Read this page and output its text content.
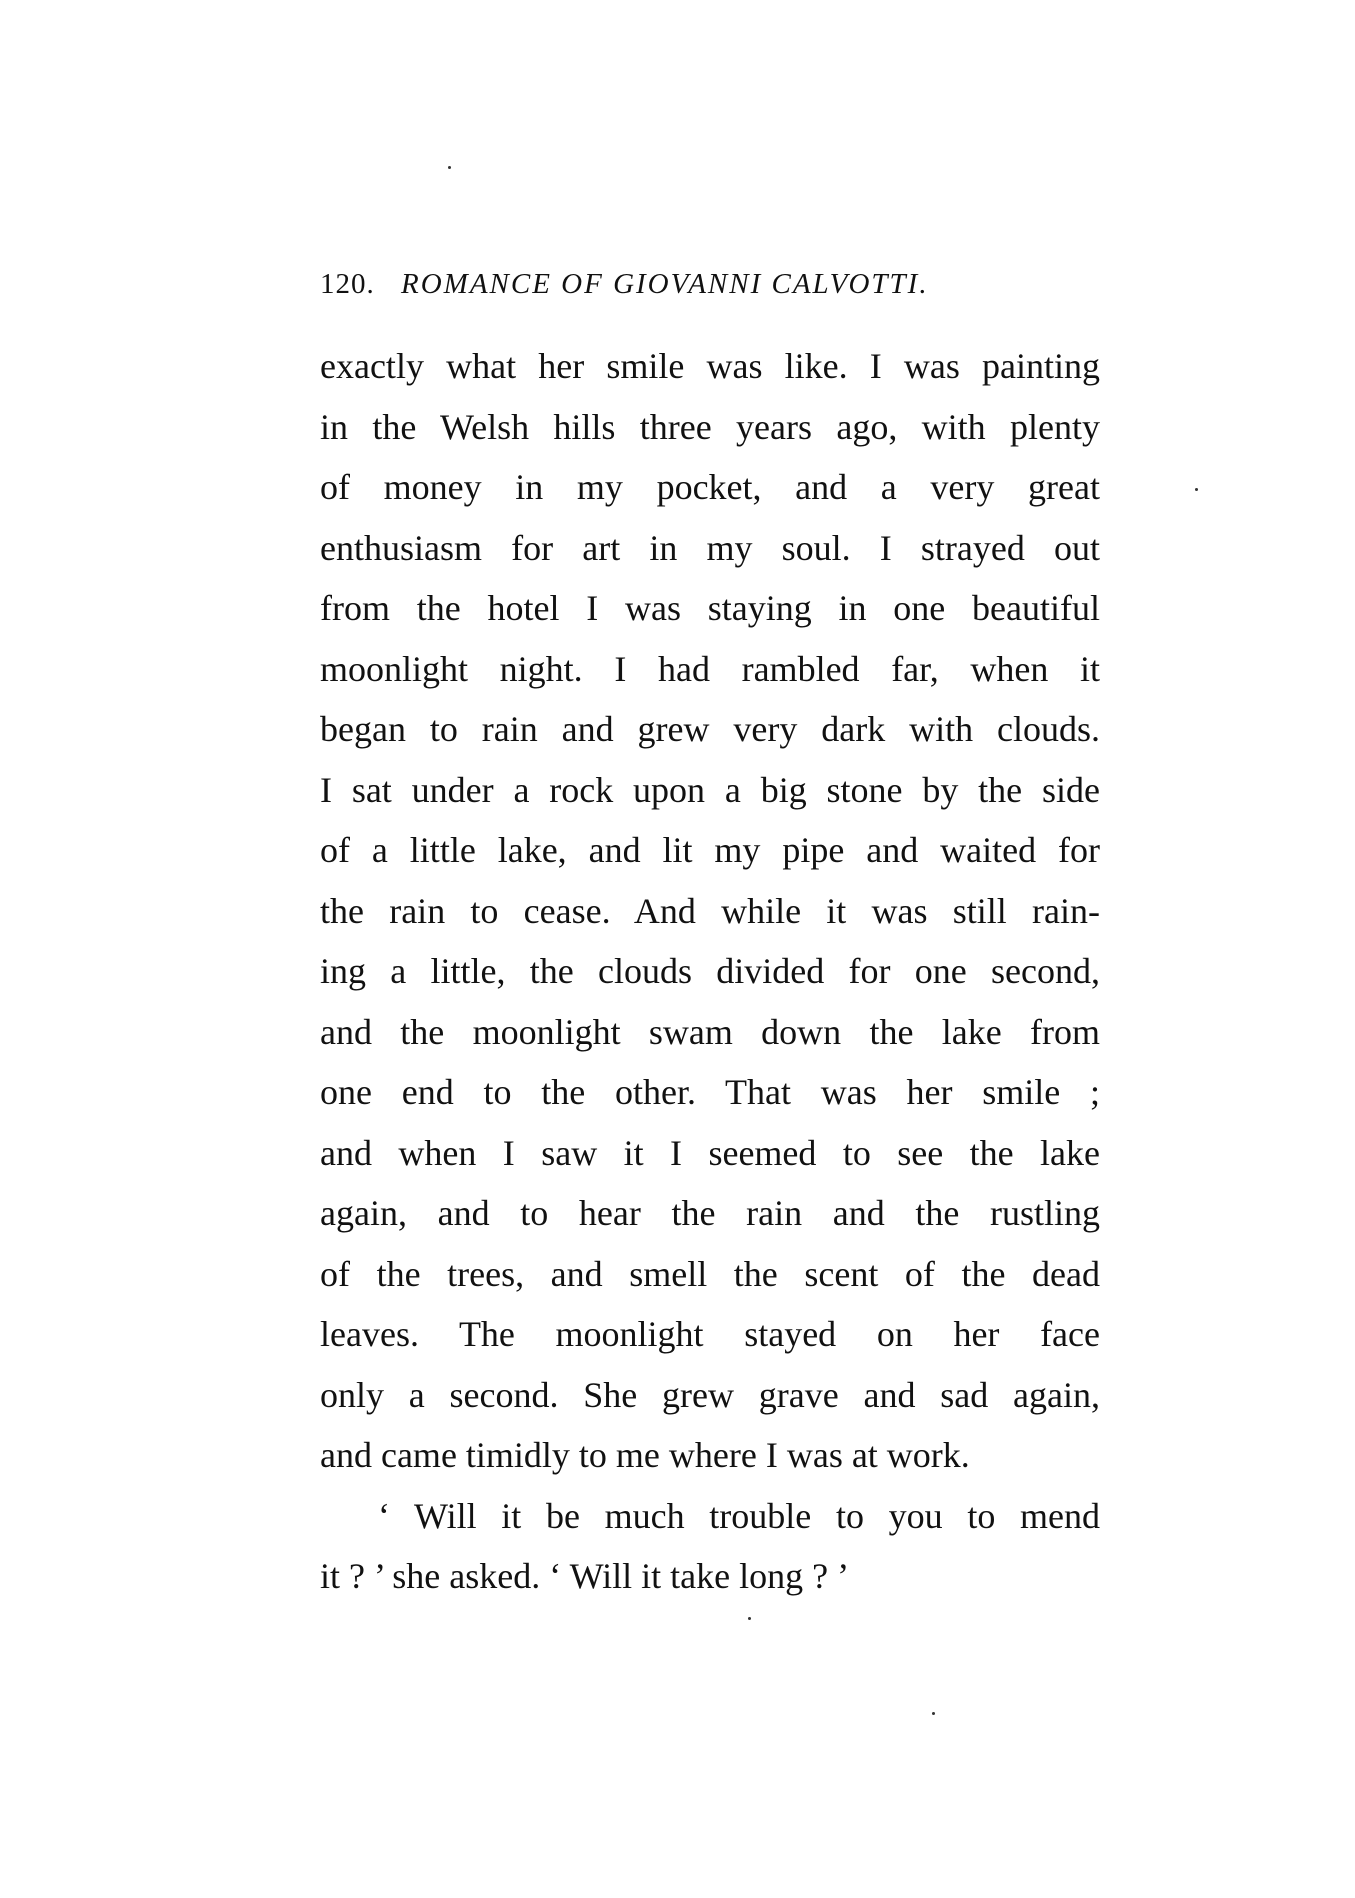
120. ROMANCE OF GIOVANNI CALVOTTI.
exactly what her smile was like. I was painting
in the Welsh hills three years ago, with plenty
of money in my pocket, and a very great
enthusiasm for art in my soul. I strayed out
from the hotel I was staying in one beautiful
moonlight night. I had rambled far, when it
began to rain and grew very dark with clouds.
I sat under a rock upon a big stone by the side
of a little lake, and lit my pipe and waited for
the rain to cease. And while it was still rain-
ing a little, the clouds divided for one second,
and the moonlight swam down the lake from
one end to the other. That was her smile ;
and when I saw it I seemed to see the lake
again, and to hear the rain and the rustling
of the trees, and smell the scent of the dead
leaves. The moonlight stayed on her face
only a second. She grew grave and sad again,
and came timidly to me where I was at work.
‘ Will it be much trouble to you to mend
it ? ’ she asked. ‘ Will it take long ? ’
